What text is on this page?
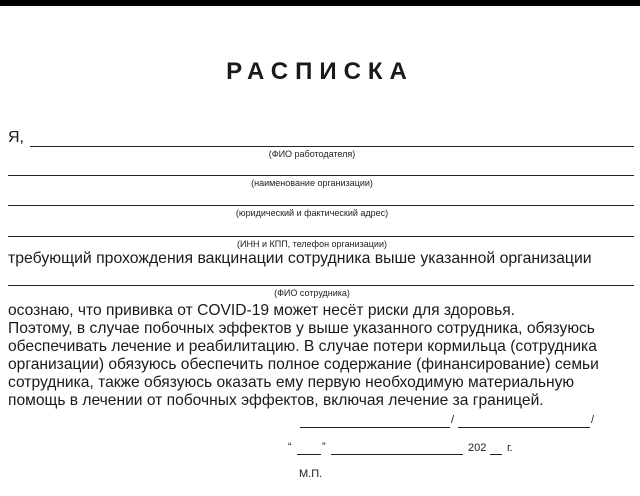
РАСПИСКА
Я,
(ФИО работодателя)
(наименование организации)
(юридический и фактический адрес)
(ИНН и КПП, телефон организации)
требующий прохождения вакцинации сотрудника выше указанной организации
(ФИО сотрудника)
осознаю, что прививка от COVID-19 может несёт риски для здоровья.
Поэтому, в случае побочных эффектов у выше указанного сотрудника, обязуюсь
обеспечивать лечение и реабилитацию. В случае потери кормильца (сотрудника
организации) обязуюсь обеспечить полное содержание (финансирование) семьи
сотрудника, также обязуюсь оказать ему первую необходимую материальную
помощь в лечении от побочных эффектов, включая лечение за границей.
/	/
“	”	202 г.
М.П.
